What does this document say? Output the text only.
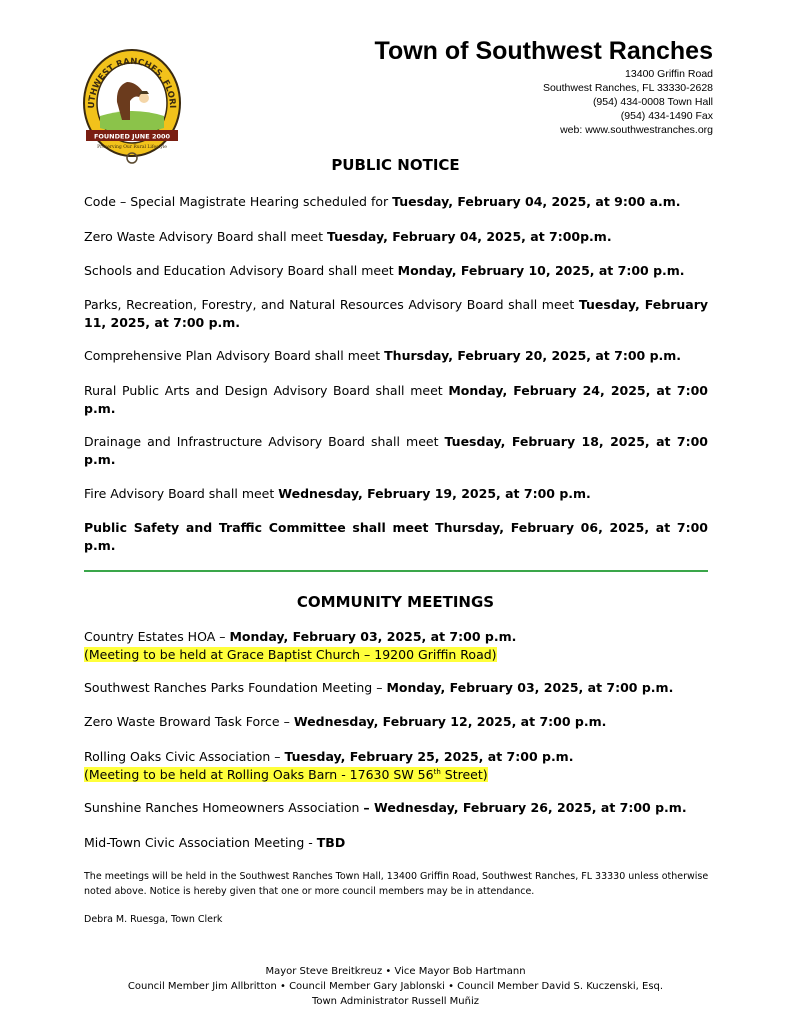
UTHWEST RANCHES, FLORI
FOUNDED JUNE 2000
Preserving Our Rural Lifestyle
Town of Southwest Ranches
13400 Griffin Road
Southwest Ranches, FL 33330-2628
(954) 434-0008 Town Hall
(954) 434-1490 Fax
web: www.southwestranches.org
PUBLIC NOTICE
Code – Special Magistrate Hearing scheduled for Tuesday, February 04, 2025, at 9:00 a.m.
Zero Waste Advisory Board shall meet Tuesday, February 04, 2025, at 7:00p.m.
Schools and Education Advisory Board shall meet Monday, February 10, 2025, at 7:00 p.m.
Parks, Recreation, Forestry, and Natural Resources Advisory Board shall meet Tuesday, February 11, 2025, at 7:00 p.m.
Comprehensive Plan Advisory Board shall meet Thursday, February 20, 2025, at 7:00 p.m.
Rural Public Arts and Design Advisory Board shall meet Monday, February 24, 2025, at 7:00 p.m.
Drainage and Infrastructure Advisory Board shall meet Tuesday, February 18, 2025, at 7:00 p.m.
Fire Advisory Board shall meet Wednesday, February 19, 2025, at 7:00 p.m.
Public Safety and Traffic Committee shall meet Thursday, February 06, 2025, at 7:00 p.m.
COMMUNITY MEETINGS
Country Estates HOA – Monday, February 03, 2025, at 7:00 p.m.
(Meeting to be held at Grace Baptist Church – 19200 Griffin Road)
Southwest Ranches Parks Foundation Meeting – Monday, February 03, 2025, at 7:00 p.m.
Zero Waste Broward Task Force – Wednesday, February 12, 2025, at 7:00 p.m.
Rolling Oaks Civic Association – Tuesday, February 25, 2025, at 7:00 p.m.
(Meeting to be held at Rolling Oaks Barn - 17630 SW 56th Street)
Sunshine Ranches Homeowners Association – Wednesday, February 26, 2025, at 7:00 p.m.
Mid-Town Civic Association Meeting - TBD
The meetings will be held in the Southwest Ranches Town Hall, 13400 Griffin Road, Southwest Ranches, FL 33330 unless otherwise noted above. Notice is hereby given that one or more council members may be in attendance.
Debra M. Ruesga, Town Clerk
Mayor Steve Breitkreuz • Vice Mayor Bob Hartmann
Council Member Jim Allbritton • Council Member Gary Jablonski • Council Member David S. Kuczenski, Esq.
Town Administrator Russell Muñiz
